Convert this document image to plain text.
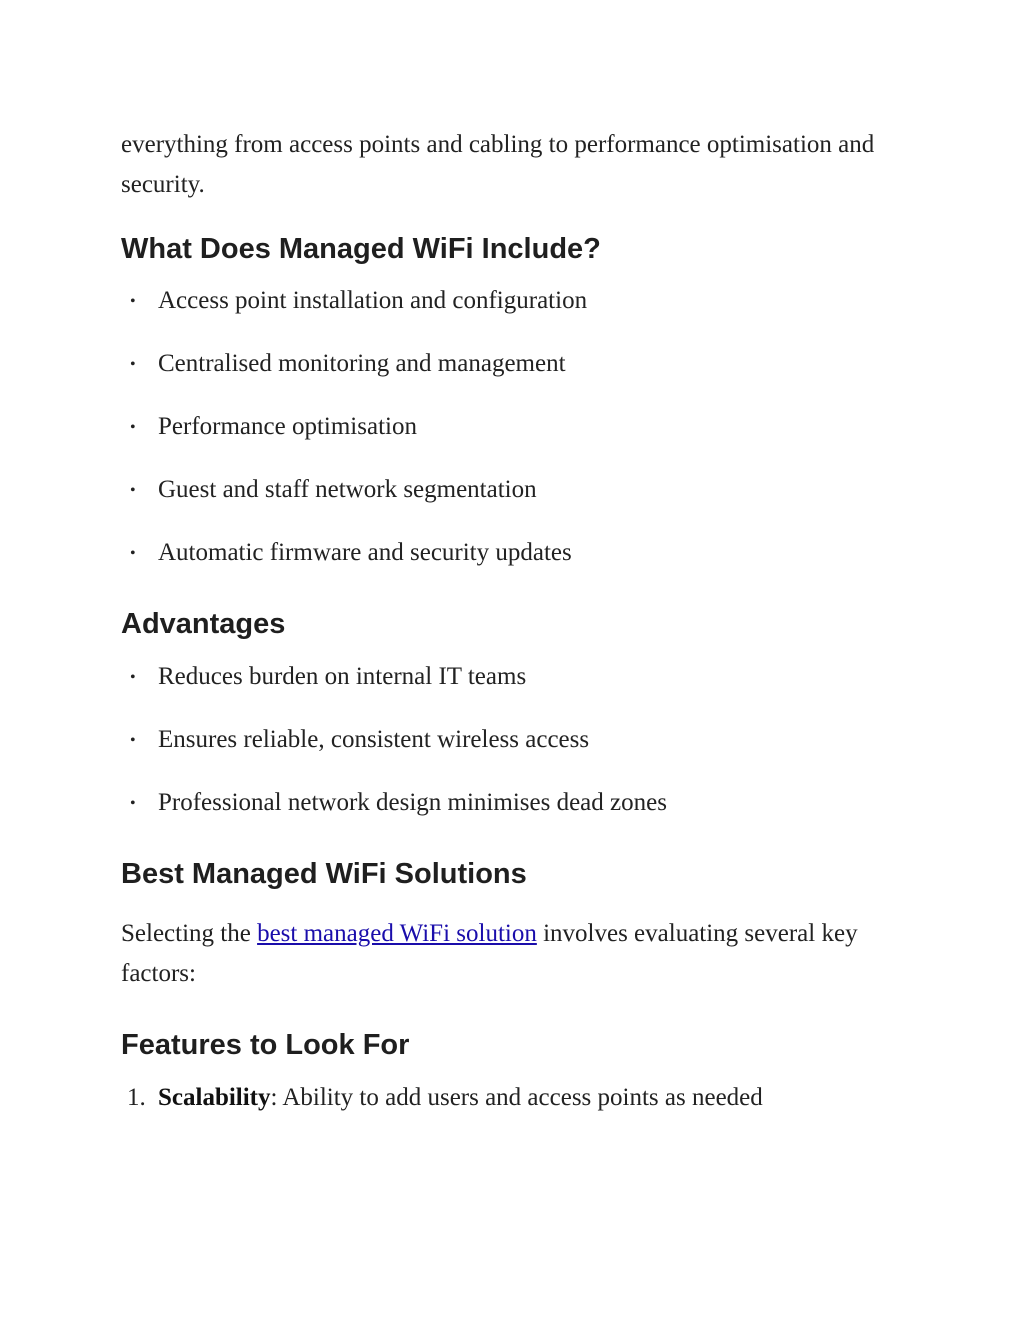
everything from access points and cabling to performance optimisation and security.

What Does Managed WiFi Include?
• Access point installation and configuration
• Centralised monitoring and management
• Performance optimisation
• Guest and staff network segmentation
• Automatic firmware and security updates
Advantages
• Reduces burden on internal IT teams
• Ensures reliable, consistent wireless access
• Professional network design minimises dead zones
Best Managed WiFi Solutions

Selecting the best managed WiFi solution involves evaluating several key factors:

Features to Look For
1. Scalability: Ability to add users and access points as needed
